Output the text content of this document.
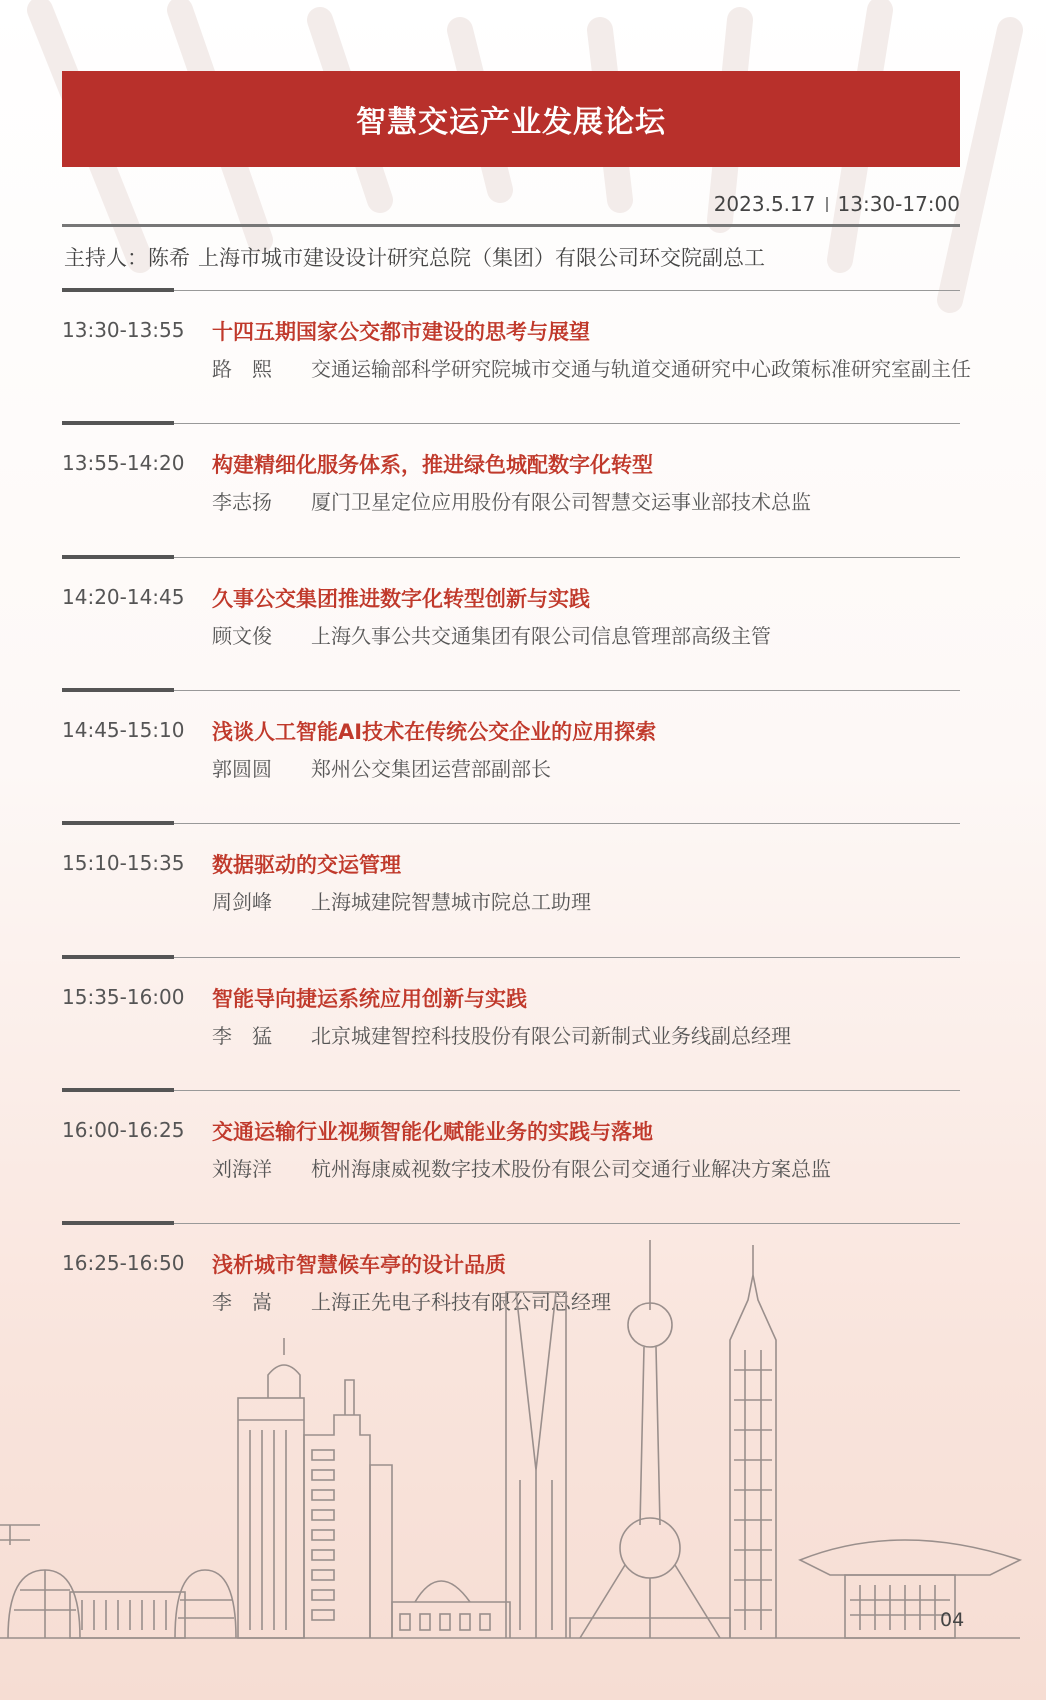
智慧交运产业发展论坛
2023.5.17 13:30-17:00
主持人：陈希 上海市城市建设设计研究总院（集团）有限公司环交院副总工
13:30-13:55 十四五期国家公交都市建设的思考与展望
路　熙	交通运输部科学研究院城市交通与轨道交通研究中心政策标准研究室副主任
13:55-14:20 构建精细化服务体系，推进绿色城配数字化转型
李志扬	厦门卫星定位应用股份有限公司智慧交运事业部技术总监
14:20-14:45 久事公交集团推进数字化转型创新与实践
顾文俊	上海久事公共交通集团有限公司信息管理部高级主管
14:45-15:10 浅谈人工智能AI技术在传统公交企业的应用探索
郭圆圆	郑州公交集团运营部副部长
15:10-15:35 数据驱动的交运管理
周剑峰	上海城建院智慧城市院总工助理
15:35-16:00 智能导向捷运系统应用创新与实践
李　猛	北京城建智控科技股份有限公司新制式业务线副总经理
16:00-16:25 交通运输行业视频智能化赋能业务的实践与落地
刘海洋	杭州海康威视数字技术股份有限公司交通行业解决方案总监
16:25-16:50 浅析城市智慧候车亭的设计品质
李　嵩	上海正先电子科技有限公司总经理
04
